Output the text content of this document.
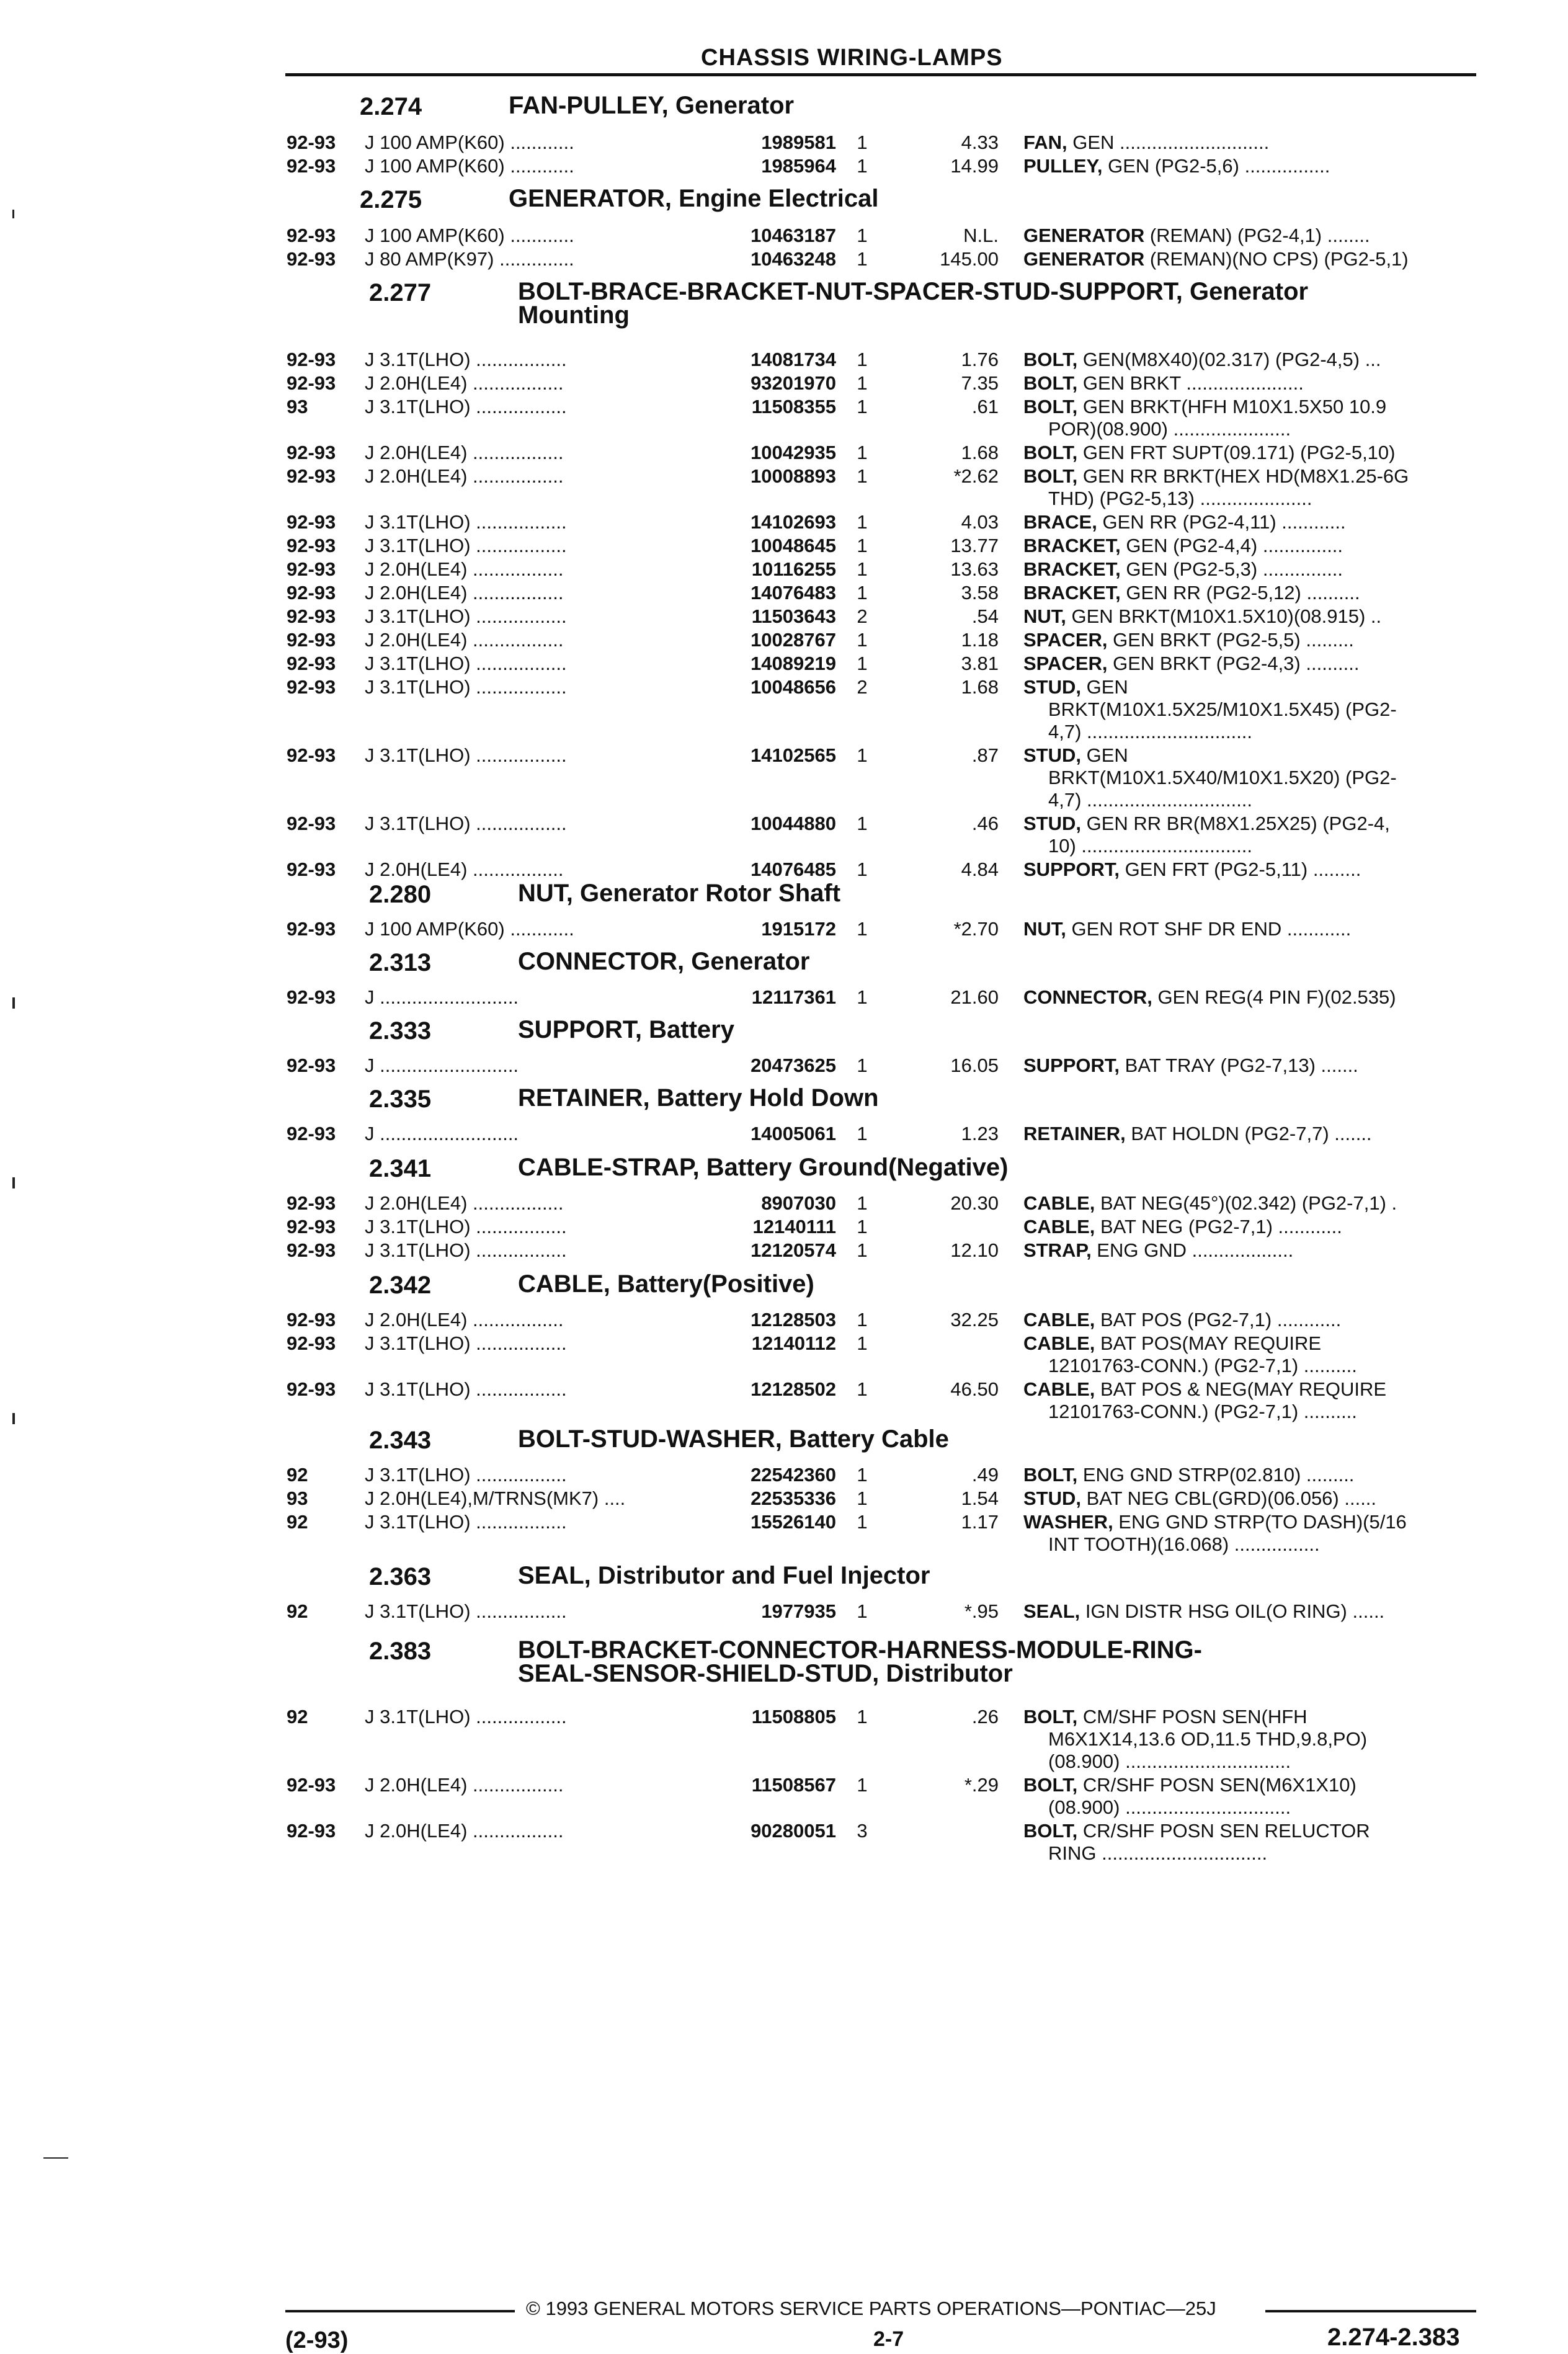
CHASSIS WIRING-LAMPS
2.274	FAN-PULLEY, Generator
92-93 J 100 AMP(K60) ............	1989581 1	4.33 FAN, GEN ............................
92-93 J 100 AMP(K60) ............	1985964 1	14.99 PULLEY, GEN (PG2-5,6) ................
2.275	GENERATOR, Engine Electrical
92-93 J 100 AMP(K60) ............	10463187 1	N.L. GENERATOR (REMAN) (PG2-4,1) ........
92-93 J 80 AMP(K97) ..............	10463248 1	145.00 GENERATOR (REMAN)(NO CPS) (PG2-5,1)
2.277	BOLT-BRACE-BRACKET-NUT-SPACER-STUD-SUPPORT, Generator
Mounting
92-93 J 3.1T(LHO) .................	14081734 1	1.76 BOLT, GEN(M8X40)(02.317) (PG2-4,5) ...
92-93 J 2.0H(LE4) .................	93201970 1	7.35 BOLT, GEN BRKT ......................
93	J 3.1T(LHO) .................	11508355 1	.61 BOLT, GEN BRKT(HFH M10X1.5X50 10.9
POR)(08.900) ......................
92-93 J 2.0H(LE4) .................	10042935 1	1.68 BOLT, GEN FRT SUPT(09.171) (PG2-5,10)
92-93 J 2.0H(LE4) .................	10008893 1	*2.62 BOLT, GEN RR BRKT(HEX HD(M8X1.25-6G
THD) (PG2-5,13) .....................
92-93 J 3.1T(LHO) .................	14102693 1	4.03 BRACE, GEN RR (PG2-4,11) ............
92-93 J 3.1T(LHO) .................	10048645 1	13.77 BRACKET, GEN (PG2-4,4) ...............
92-93 J 2.0H(LE4) .................	10116255 1	13.63 BRACKET, GEN (PG2-5,3) ...............
92-93 J 2.0H(LE4) .................	14076483 1	3.58 BRACKET, GEN RR (PG2-5,12) ..........
92-93 J 3.1T(LHO) .................	11503643 2	.54 NUT, GEN BRKT(M10X1.5X10)(08.915) ..
92-93 J 2.0H(LE4) .................	10028767 1	1.18 SPACER, GEN BRKT (PG2-5,5) .........
92-93 J 3.1T(LHO) .................	14089219 1	3.81 SPACER, GEN BRKT (PG2-4,3) ..........
92-93 J 3.1T(LHO) .................	10048656 2	1.68 STUD, GEN
BRKT(M10X1.5X25/M10X1.5X45) (PG2-
4,7) ...............................
92-93 J 3.1T(LHO) .................	14102565 1	.87 STUD, GEN
BRKT(M10X1.5X40/M10X1.5X20) (PG2-
4,7) ...............................
92-93 J 3.1T(LHO) .................	10044880 1	.46 STUD, GEN RR BR(M8X1.25X25) (PG2-4,
10) ................................
92-93 J 2.0H(LE4) .................	14076485 1	4.84 SUPPORT, GEN FRT (PG2-5,11) .........
2.280	NUT, Generator Rotor Shaft
92-93 J 100 AMP(K60) ............	1915172 1	*2.70 NUT, GEN ROT SHF DR END ............
2.313	CONNECTOR, Generator
92-93 J ..........................	12117361 1	21.60 CONNECTOR, GEN REG(4 PIN F)(02.535)
2.333	SUPPORT, Battery
92-93 J ..........................	20473625 1	16.05 SUPPORT, BAT TRAY (PG2-7,13) .......
2.335	RETAINER, Battery Hold Down
92-93 J ..........................	14005061 1	1.23 RETAINER, BAT HOLDN (PG2-7,7) .......
2.341	CABLE-STRAP, Battery Ground(Negative)
92-93 J 2.0H(LE4) .................	8907030 1	20.30 CABLE, BAT NEG(45°)(02.342) (PG2-7,1) .
92-93 J 3.1T(LHO) .................	12140111 1	CABLE, BAT NEG (PG2-7,1) ............
92-93 J 3.1T(LHO) .................	12120574 1	12.10 STRAP, ENG GND ...................
2.342	CABLE, Battery(Positive)
92-93 J 2.0H(LE4) .................	12128503 1	32.25 CABLE, BAT POS (PG2-7,1) ............
92-93 J 3.1T(LHO) .................	12140112 1	CABLE, BAT POS(MAY REQUIRE
12101763-CONN.) (PG2-7,1) ..........
92-93 J 3.1T(LHO) .................	12128502 1	46.50 CABLE, BAT POS & NEG(MAY REQUIRE
12101763-CONN.) (PG2-7,1) ..........
2.343	BOLT-STUD-WASHER, Battery Cable
92	J 3.1T(LHO) .................	22542360 1	.49 BOLT, ENG GND STRP(02.810) .........
93	J 2.0H(LE4),M/TRNS(MK7) ....	22535336 1	1.54 STUD, BAT NEG CBL(GRD)(06.056) ......
92	J 3.1T(LHO) .................	15526140 1	1.17 WASHER, ENG GND STRP(TO DASH)(5/16
INT TOOTH)(16.068) ................
2.363	SEAL, Distributor and Fuel Injector
92	J 3.1T(LHO) .................	1977935 1	*.95 SEAL, IGN DISTR HSG OIL(O RING) ......
2.383	BOLT-BRACKET-CONNECTOR-HARNESS-MODULE-RING-
SEAL-SENSOR-SHIELD-STUD, Distributor
92	J 3.1T(LHO) .................	11508805 1	.26 BOLT, CM/SHF POSN SEN(HFH
M6X1X14,13.6 OD,11.5 THD,9.8,PO)
(08.900) ...............................
92-93 J 2.0H(LE4) .................	11508567 1	*.29 BOLT, CR/SHF POSN SEN(M6X1X10)
(08.900) ...............................
92-93 J 2.0H(LE4) .................	90280051 3	BOLT, CR/SHF POSN SEN RELUCTOR
RING ...............................
© 1993 GENERAL MOTORS SERVICE PARTS OPERATIONS—PONTIAC—25J
(2-93)	2-7	2.274-2.383
